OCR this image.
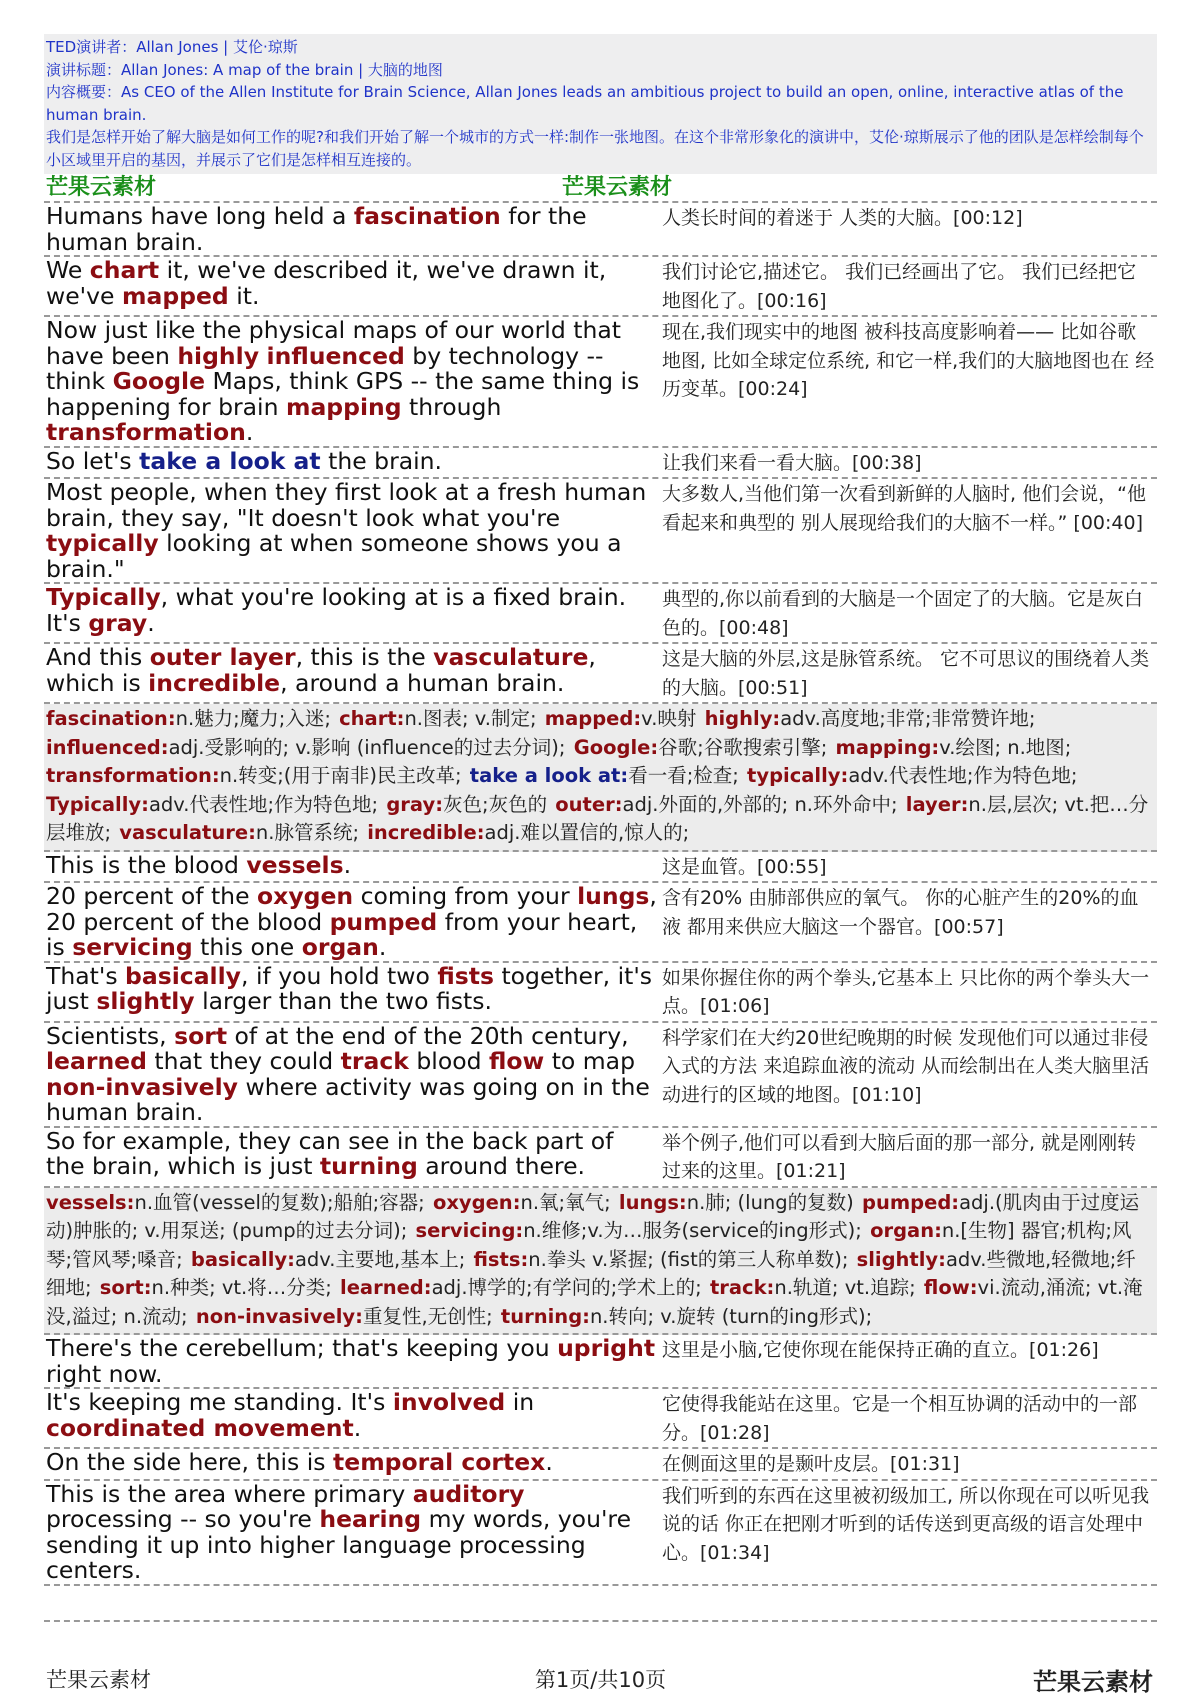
TED演讲者：Allan Jones | 艾伦·琼斯
演讲标题：Allan Jones: A map of the brain | 大脑的地图
内容概要：As CEO of the Allen Institute for Brain Science, Allan Jones leads an ambitious project to build an open, online, interactive atlas of the human brain.
我们是怎样开始了解大脑是如何工作的呢?和我们开始了解一个城市的方式一样:制作一张地图。在这个非常形象化的演讲中，艾伦·琼斯展示了他的团队是怎样绘制每个小区域里开启的基因，并展示了它们是怎样相互连接的。
芒果云素材	芒果云素材
Humans have long held a fascination for the human brain.
人类长时间的着迷于 人类的大脑。[00:12]
We chart it, we've described it, we've drawn it, we've mapped it.
我们讨论它,描述它。 我们已经画出了它。 我们已经把它地图化了。[00:16]
Now just like the physical maps of our world that have been highly influenced by technology -- think Google Maps, think GPS -- the same thing is happening for brain mapping through transformation.
现在,我们现实中的地图 被科技高度影响着—— 比如谷歌地图, 比如全球定位系统, 和它一样,我们的大脑地图也在 经历变革。[00:24]
So let's take a look at the brain.	让我们来看一看大脑。[00:38]
Most people, when they first look at a fresh human brain, they say, "It doesn't look what you're typically looking at when someone shows you a brain."
大多数人,当他们第一次看到新鲜的人脑时, 他们会说，“他看起来和典型的 别人展现给我们的大脑不一样。” [00:40]
Typically, what you're looking at is a fixed brain. It's gray.
典型的,你以前看到的大脑是一个固定了的大脑。它是灰白色的。[00:48]
And this outer layer, this is the vasculature, which is incredible, around a human brain.
这是大脑的外层,这是脉管系统。 它不可思议的围绕着人类的大脑。[00:51]
fascination:n.魅力;魔力;入迷; chart:n.图表; v.制定; mapped:v.映射 highly:adv.高度地;非常;非常赞许地; influenced:adj.受影响的; v.影响 (influence的过去分词); Google:谷歌;谷歌搜索引擎; mapping:v.绘图; n.地图; transformation:n.转变;(用于南非)民主改革; take a look at:看一看;检查; typically:adv.代表性地;作为特色地; Typically:adv.代表性地;作为特色地; gray:灰色;灰色的 outer:adj.外面的,外部的; n.环外命中; layer:n.层,层次; vt.把…分层堆放; vasculature:n.脉管系统; incredible:adj.难以置信的,惊人的;
This is the blood vessels.	这是血管。[00:55]
20 percent of the oxygen coming from your lungs, 20 percent of the blood pumped from your heart, is servicing this one organ.
含有20% 由肺部供应的氧气。 你的心脏产生的20%的血液 都用来供应大脑这一个器官。[00:57]
That's basically, if you hold two fists together, it's just slightly larger than the two fists.
如果你握住你的两个拳头,它基本上 只比你的两个拳头大一点。[01:06]
Scientists, sort of at the end of the 20th century, learned that they could track blood flow to map non-invasively where activity was going on in the human brain.
科学家们在大约20世纪晚期的时候 发现他们可以通过非侵入式的方法 来追踪血液的流动 从而绘制出在人类大脑里活动进行的区域的地图。[01:10]
So for example, they can see in the back part of the brain, which is just turning around there.
举个例子,他们可以看到大脑后面的那一部分, 就是刚刚转过来的这里。[01:21]
vessels:n.血管(vessel的复数);船舶;容器; oxygen:n.氧;氧气; lungs:n.肺; (lung的复数) pumped:adj.(肌肉由于过度运动)肿胀的; v.用泵送; (pump的过去分词); servicing:n.维修;v.为…服务(service的ing形式); organ:n.[生物] 器官;机构;风琴;管风琴;嗓音; basically:adv.主要地,基本上; fists:n.拳头 v.紧握; (fist的第三人称单数); slightly:adv.些微地,轻微地;纤细地; sort:n.种类; vt.将…分类; learned:adj.博学的;有学问的;学术上的; track:n.轨道; vt.追踪; flow:vi.流动,涌流; vt.淹没,溢过; n.流动; non-invasively:重复性,无创性; turning:n.转向; v.旋转 (turn的ing形式);
There's the cerebellum; that's keeping you upright right now.
这里是小脑,它使你现在能保持正确的直立。[01:26]
It's keeping me standing. It's involved in coordinated movement.
它使得我能站在这里。它是一个相互协调的活动中的一部分。[01:28]
On the side here, this is temporal cortex.	在侧面这里的是颞叶皮层。[01:31]
This is the area where primary auditory processing -- so you're hearing my words, you're sending it up into higher language processing centers.
我们听到的东西在这里被初级加工, 所以你现在可以听见我说的话 你正在把刚才听到的话传送到更高级的语言处理中心。[01:34]
芒果云素材	第1页/共10页	芒果云素材
